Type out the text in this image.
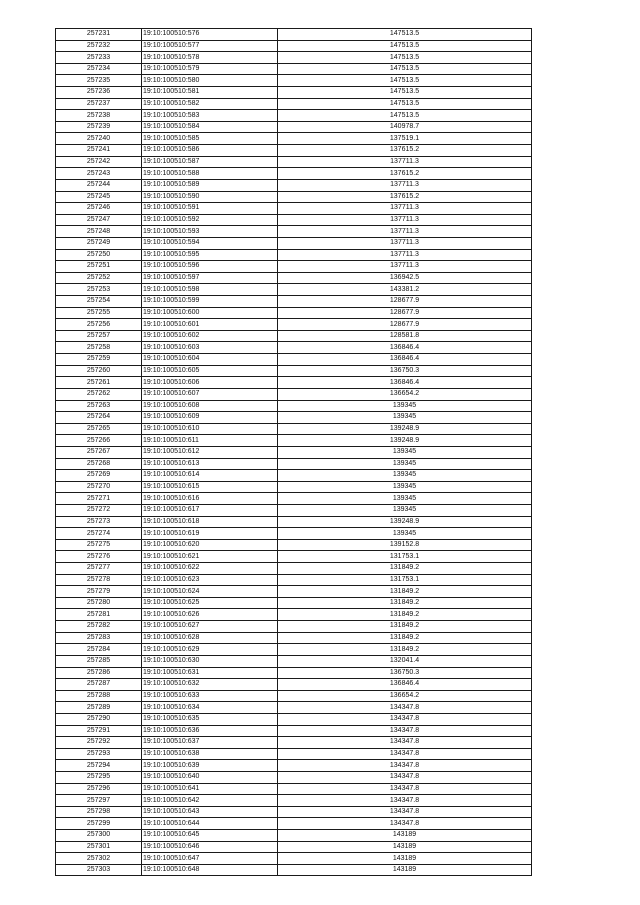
257231	19:10:100510:576	147513.5
257232	19:10:100510:577	147513.5
257233	19:10:100510:578	147513.5
257234	19:10:100510:579	147513.5
257235	19:10:100510:580	147513.5
257236	19:10:100510:581	147513.5
257237	19:10:100510:582	147513.5
257238	19:10:100510:583	147513.5
257239	19:10:100510:584	140978.7
257240	19:10:100510:585	137519.1
257241	19:10:100510:586	137615.2
257242	19:10:100510:587	137711.3
257243	19:10:100510:588	137615.2
257244	19:10:100510:589	137711.3
257245	19:10:100510:590	137615.2
257246	19:10:100510:591	137711.3
257247	19:10:100510:592	137711.3
257248	19:10:100510:593	137711.3
257249	19:10:100510:594	137711.3
257250	19:10:100510:595	137711.3
257251	19:10:100510:596	137711.3
257252	19:10:100510:597	136942.5
257253	19:10:100510:598	143381.2
257254	19:10:100510:599	128677.9
257255	19:10:100510:600	128677.9
257256	19:10:100510:601	128677.9
257257	19:10:100510:602	128581.8
257258	19:10:100510:603	136846.4
257259	19:10:100510:604	136846.4
257260	19:10:100510:605	136750.3
257261	19:10:100510:606	136846.4
257262	19:10:100510:607	136654.2
257263	19:10:100510:608	139345
257264	19:10:100510:609	139345
257265	19:10:100510:610	139248.9
257266	19:10:100510:611	139248.9
257267	19:10:100510:612	139345
257268	19:10:100510:613	139345
257269	19:10:100510:614	139345
257270	19:10:100510:615	139345
257271	19:10:100510:616	139345
257272	19:10:100510:617	139345
257273	19:10:100510:618	139248.9
257274	19:10:100510:619	139345
257275	19:10:100510:620	139152.8
257276	19:10:100510:621	131753.1
257277	19:10:100510:622	131849.2
257278	19:10:100510:623	131753.1
257279	19:10:100510:624	131849.2
257280	19:10:100510:625	131849.2
257281	19:10:100510:626	131849.2
257282	19:10:100510:627	131849.2
257283	19:10:100510:628	131849.2
257284	19:10:100510:629	131849.2
257285	19:10:100510:630	132041.4
257286	19:10:100510:631	136750.3
257287	19:10:100510:632	136846.4
257288	19:10:100510:633	136654.2
257289	19:10:100510:634	134347.8
257290	19:10:100510:635	134347.8
257291	19:10:100510:636	134347.8
257292	19:10:100510:637	134347.8
257293	19:10:100510:638	134347.8
257294	19:10:100510:639	134347.8
257295	19:10:100510:640	134347.8
257296	19:10:100510:641	134347.8
257297	19:10:100510:642	134347.8
257298	19:10:100510:643	134347.8
257299	19:10:100510:644	134347.8
257300	19:10:100510:645	143189
257301	19:10:100510:646	143189
257302	19:10:100510:647	143189
257303	19:10:100510:648	143189
